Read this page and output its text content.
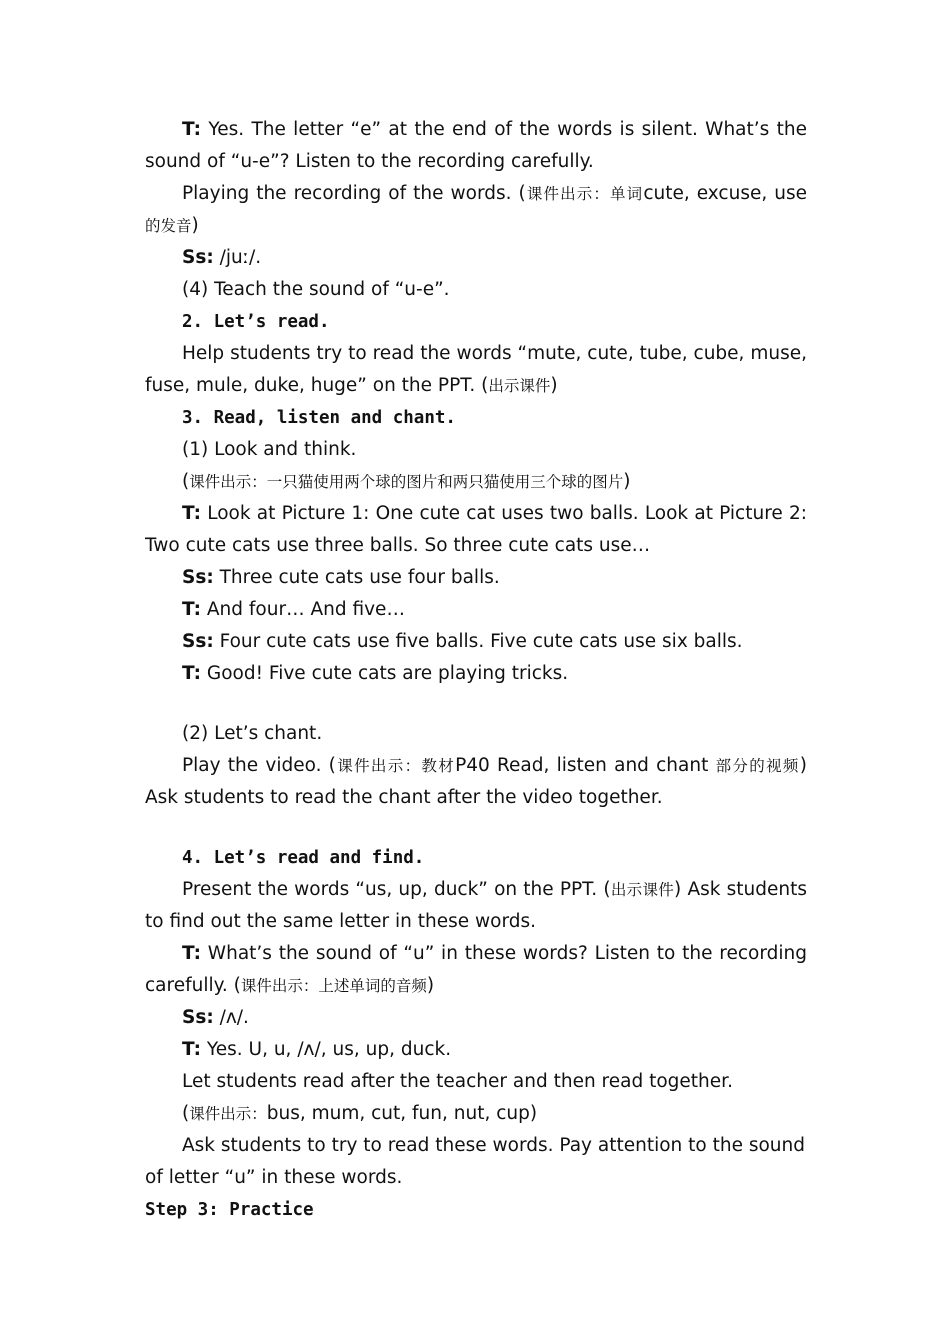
T: Yes. The letter “e” at the end of the words is silent. What’s the
sound of “u-e”? Listen to the recording carefully.
Playing the recording of the words. (课件出示：单词cute, excuse, use
的发音)
Ss: /juː/.
(4) Teach the sound of “u-e”.
2. Let’s read.
Help students try to read the words “mute, cute, tube, cube, muse,
fuse, mule, duke, huge” on the PPT. (出示课件)
3. Read, listen and chant.
(1) Look and think.
(课件出示：一只猫使用两个球的图片和两只猫使用三个球的图片)
T: Look at Picture 1: One cute cat uses two balls. Look at Picture 2:
Two cute cats use three balls. So three cute cats use…
Ss: Three cute cats use four balls.
T: And four… And five…
Ss: Four cute cats use five balls. Five cute cats use six balls.
T: Good! Five cute cats are playing tricks.
(2) Let’s chant.
Play the video. (课件出示：教材P40 Read, listen and chant 部分的视频)
Ask students to read the chant after the video together.
4. Let’s read and find.
Present the words “us, up, duck” on the PPT. (出示课件) Ask students
to find out the same letter in these words.
T: What’s the sound of “u” in these words? Listen to the recording
carefully. (课件出示：上述单词的音频)
Ss: /ʌ/.
T: Yes. U, u, /ʌ/, us, up, duck.
Let students read after the teacher and then read together.
(课件出示：bus, mum, cut, fun, nut, cup)
Ask students to try to read these words. Pay attention to the sound
of letter “u” in these words.
Step 3: Practice
